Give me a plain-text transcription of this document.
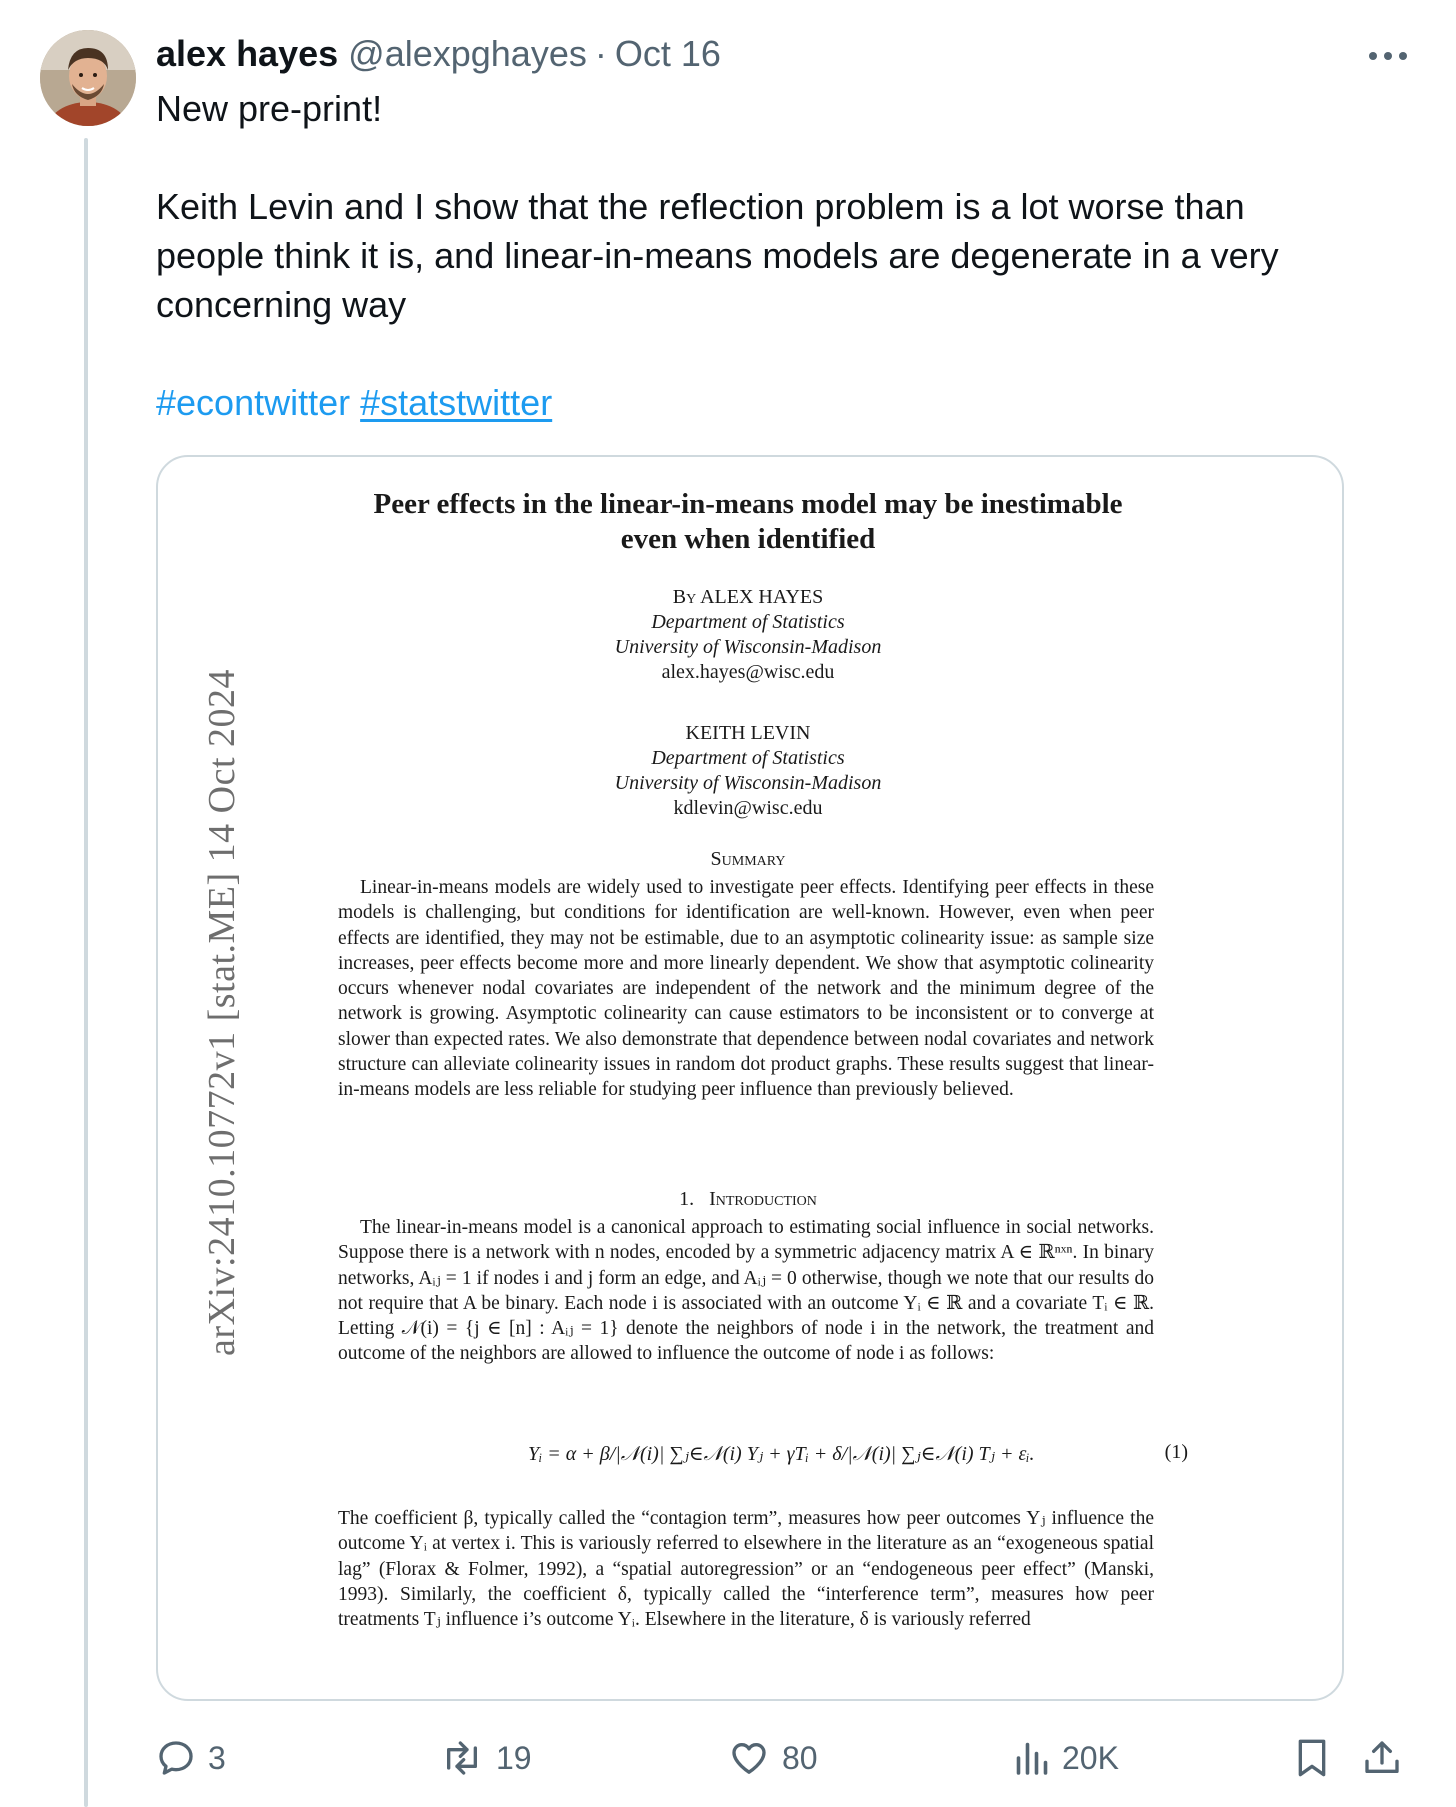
alex hayes @alexpghayes · Oct 16

New pre-print!

Keith Levin and I show that the reflection problem is a lot worse than people think it is, and linear-in-means models are degenerate in a very concerning way

#econtwitter #statstwitter

arXiv:2410.10772v1 [stat.ME] 14 Oct 2024
Peer effects in the linear-in-means model may be inestimable
even when identified
By ALEX HAYES
Department of Statistics
University of Wisconsin-Madison
alex.hayes@wisc.edu
KEITH LEVIN
Department of Statistics
University of Wisconsin-Madison
kdlevin@wisc.edu
Summary

Linear-in-means models are widely used to investigate peer effects. Identifying peer effects in these models is challenging, but conditions for identification are well-known. However, even when peer effects are identified, they may not be estimable, due to an asymptotic colinearity issue: as sample size increases, peer effects become more and more linearly dependent. We show that asymptotic colinearity occurs whenever nodal covariates are independent of the network and the minimum degree of the network is growing. Asymptotic colinearity can cause estimators to be inconsistent or to converge at slower than expected rates. We also demonstrate that dependence between nodal covariates and network structure can alleviate colinearity issues in random dot product graphs. These results suggest that linear-in-means models are less reliable for studying peer influence than previously believed.

1. Introduction

The linear-in-means model is a canonical approach to estimating social influence in social networks. Suppose there is a network with n nodes, encoded by a symmetric adjacency matrix A ∈ ℝⁿˣⁿ. In binary networks, Aᵢⱼ = 1 if nodes i and j form an edge, and Aᵢⱼ = 0 otherwise, though we note that our results do not require that A be binary. Each node i is associated with an outcome Yᵢ ∈ ℝ and a covariate Tᵢ ∈ ℝ. Letting 𝒩(i) = {j ∈ [n] : Aᵢⱼ = 1} denote the neighbors of node i in the network, the treatment and outcome of the neighbors are allowed to influence the outcome of node i as follows:

Yᵢ = α + β/|𝒩(i)| ∑ⱼ∈𝒩(i) Yⱼ + γTᵢ + δ/|𝒩(i)| ∑ⱼ∈𝒩(i) Tⱼ + εᵢ.	(1)

The coefficient β, typically called the “contagion term”, measures how peer outcomes Yⱼ influence the outcome Yᵢ at vertex i. This is variously referred to elsewhere in the literature as an “exogeneous spatial lag” (Florax & Folmer, 1992), a “spatial autoregression” or an “endogeneous peer effect” (Manski, 1993). Similarly, the coefficient δ, typically called the “interference term”, measures how peer treatments Tⱼ influence i’s outcome Yᵢ. Elsewhere in the literature, δ is variously referred

3	19	80	20K
